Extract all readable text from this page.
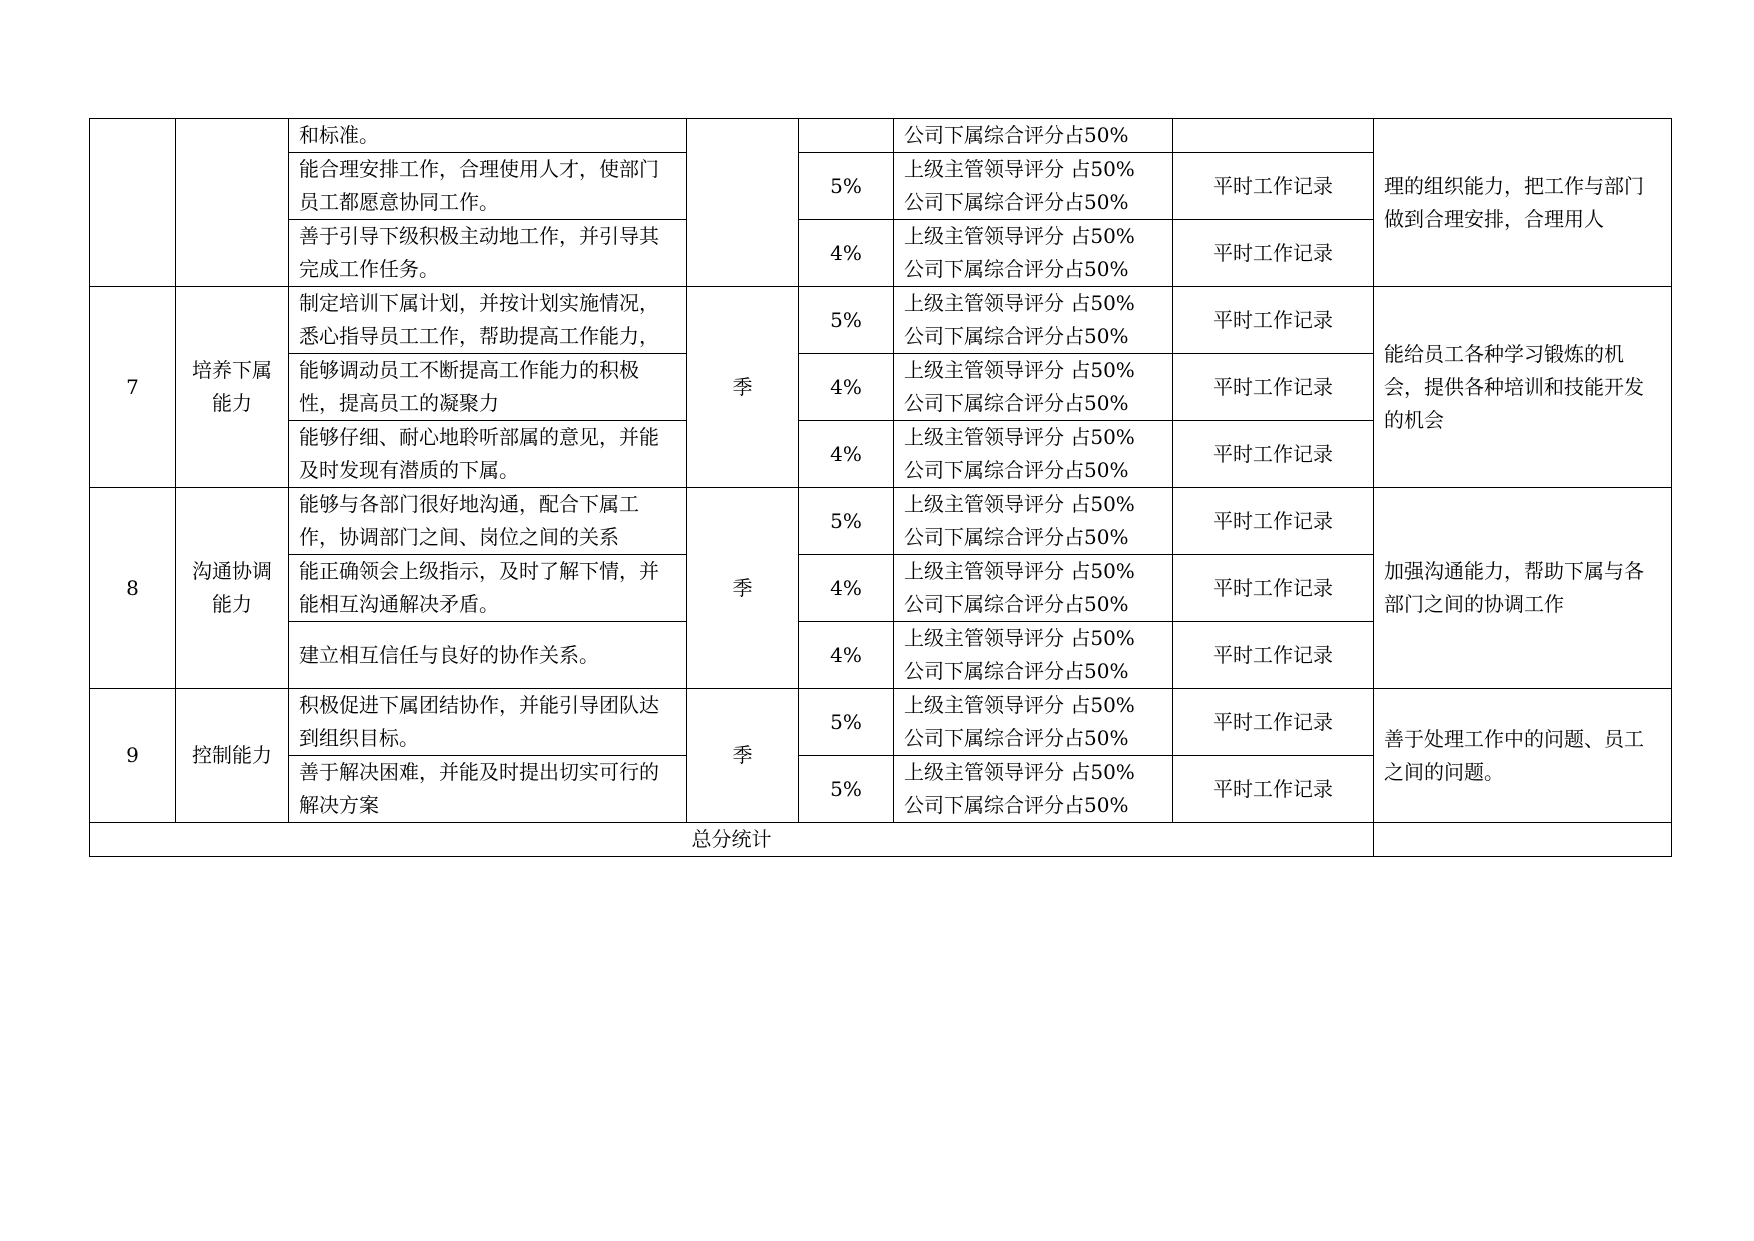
		和标准。			公司下属综合评分占50%		理的组织能力，把工作与部门做到合理安排，合理用人
		能合理安排工作，合理使用人才，使部门员工都愿意协同工作。		5%	上级主管领导评分 占50%
公司下属综合评分占50%	平时工作记录	
		善于引导下级积极主动地工作，并引导其完成工作任务。		4%	上级主管领导评分 占50%
公司下属综合评分占50%	平时工作记录	
7	培养下属能力	制定培训下属计划，并按计划实施情况，悉心指导员工工作，帮助提高工作能力，	季	5%	上级主管领导评分 占50%
公司下属综合评分占50%	平时工作记录	能给员工各种学习锻炼的机会，提供各种培训和技能开发的机会
		能够调动员工不断提高工作能力的积极性，提高员工的凝聚力		4%	上级主管领导评分 占50%
公司下属综合评分占50%	平时工作记录	
		能够仔细、耐心地聆听部属的意见，并能及时发现有潜质的下属。		4%	上级主管领导评分 占50%
公司下属综合评分占50%	平时工作记录	
8	沟通协调能力	能够与各部门很好地沟通，配合下属工作，协调部门之间、岗位之间的关系	季	5%	上级主管领导评分 占50%
公司下属综合评分占50%	平时工作记录	加强沟通能力，帮助下属与各部门之间的协调工作
		能正确领会上级指示，及时了解下情，并能相互沟通解决矛盾。		4%	上级主管领导评分 占50%
公司下属综合评分占50%	平时工作记录	
		建立相互信任与良好的协作关系。		4%	上级主管领导评分 占50%
公司下属综合评分占50%	平时工作记录	
9	控制能力	积极促进下属团结协作，并能引导团队达到组织目标。	季	5%	上级主管领导评分 占50%
公司下属综合评分占50%	平时工作记录	善于处理工作中的问题、员工之间的问题。
		善于解决困难，并能及时提出切实可行的解决方案		5%	上级主管领导评分 占50%
公司下属综合评分占50%	平时工作记录	
总分统计							
